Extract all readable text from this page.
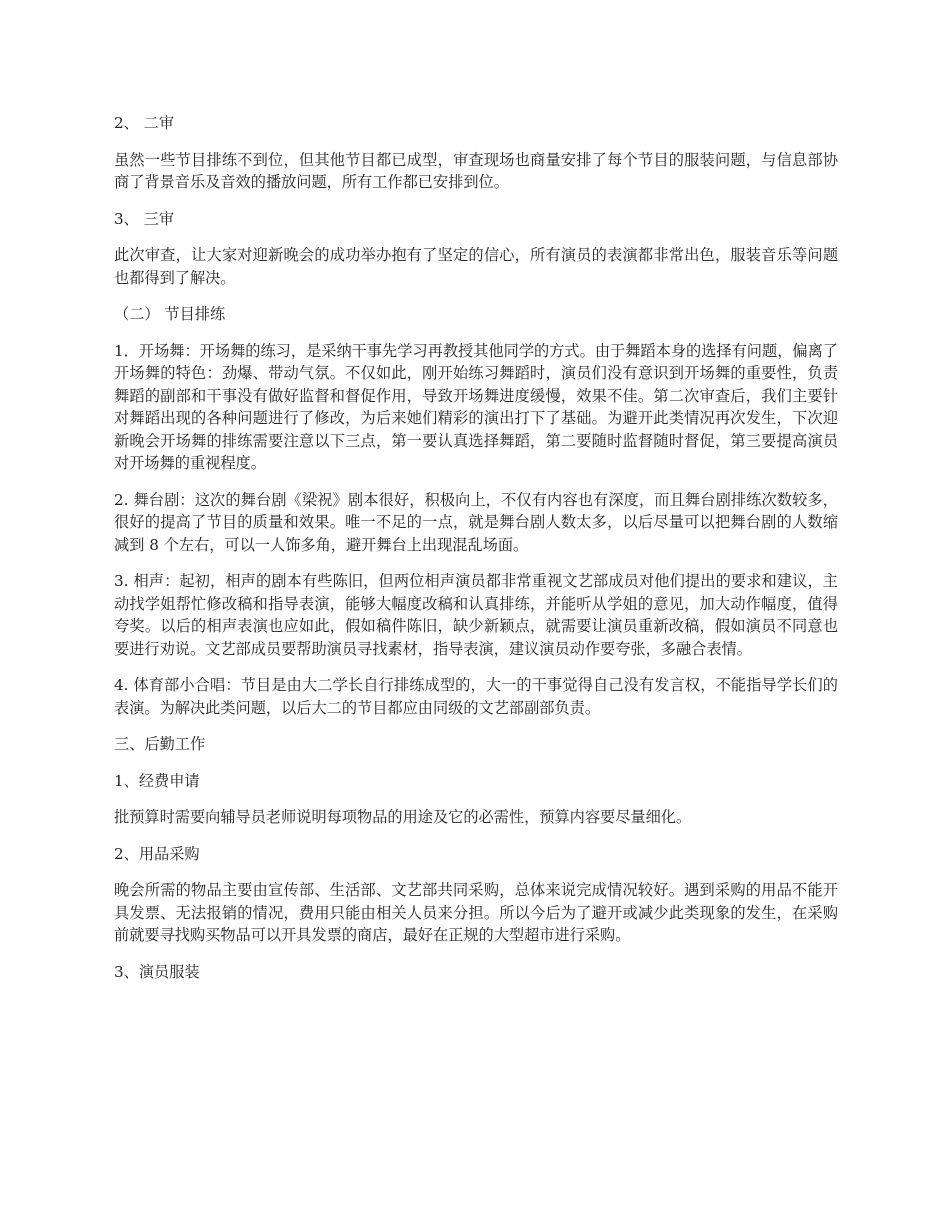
2、 二审

虽然一些节目排练不到位，但其他节目都已成型，审查现场也商量安排了每个节目的服装问题，与信息部协商了背景音乐及音效的播放问题，所有工作都已安排到位。

3、 三审

此次审查，让大家对迎新晚会的成功举办抱有了坚定的信心，所有演员的表演都非常出色，服装音乐等问题也都得到了解决。

（二） 节目排练

1．开场舞：开场舞的练习，是采纳干事先学习再教授其他同学的方式。由于舞蹈本身的选择有问题，偏离了开场舞的特色：劲爆、带动气氛。不仅如此，刚开始练习舞蹈时，演员们没有意识到开场舞的重要性，负责舞蹈的副部和干事没有做好监督和督促作用，导致开场舞进度缓慢，效果不佳。第二次审查后，我们主要针对舞蹈出现的各种问题进行了修改，为后来她们精彩的演出打下了基础。为避开此类情况再次发生，下次迎新晚会开场舞的排练需要注意以下三点，第一要认真选择舞蹈，第二要随时监督随时督促，第三要提高演员对开场舞的重视程度。

2. 舞台剧：这次的舞台剧《梁祝》剧本很好，积极向上，不仅有内容也有深度，而且舞台剧排练次数较多，很好的提高了节目的质量和效果。唯一不足的一点，就是舞台剧人数太多，以后尽量可以把舞台剧的人数缩减到 8 个左右，可以一人饰多角，避开舞台上出现混乱场面。

3. 相声：起初，相声的剧本有些陈旧，但两位相声演员都非常重视文艺部成员对他们提出的要求和建议，主动找学姐帮忙修改稿和指导表演，能够大幅度改稿和认真排练，并能听从学姐的意见，加大动作幅度，值得夸奖。以后的相声表演也应如此，假如稿件陈旧，缺少新颖点，就需要让演员重新改稿，假如演员不同意也要进行劝说。文艺部成员要帮助演员寻找素材，指导表演，建议演员动作要夸张，多融合表情。

4. 体育部小合唱：节目是由大二学长自行排练成型的，大一的干事觉得自己没有发言权，不能指导学长们的表演。为解决此类问题，以后大二的节目都应由同级的文艺部副部负责。

三、后勤工作

1、经费申请

批预算时需要向辅导员老师说明每项物品的用途及它的必需性，预算内容要尽量细化。

2、用品采购

晚会所需的物品主要由宣传部、生活部、文艺部共同采购，总体来说完成情况较好。遇到采购的用品不能开具发票、无法报销的情况，费用只能由相关人员来分担。所以今后为了避开或减少此类现象的发生，在采购前就要寻找购买物品可以开具发票的商店，最好在正规的大型超市进行采购。

3、演员服装
